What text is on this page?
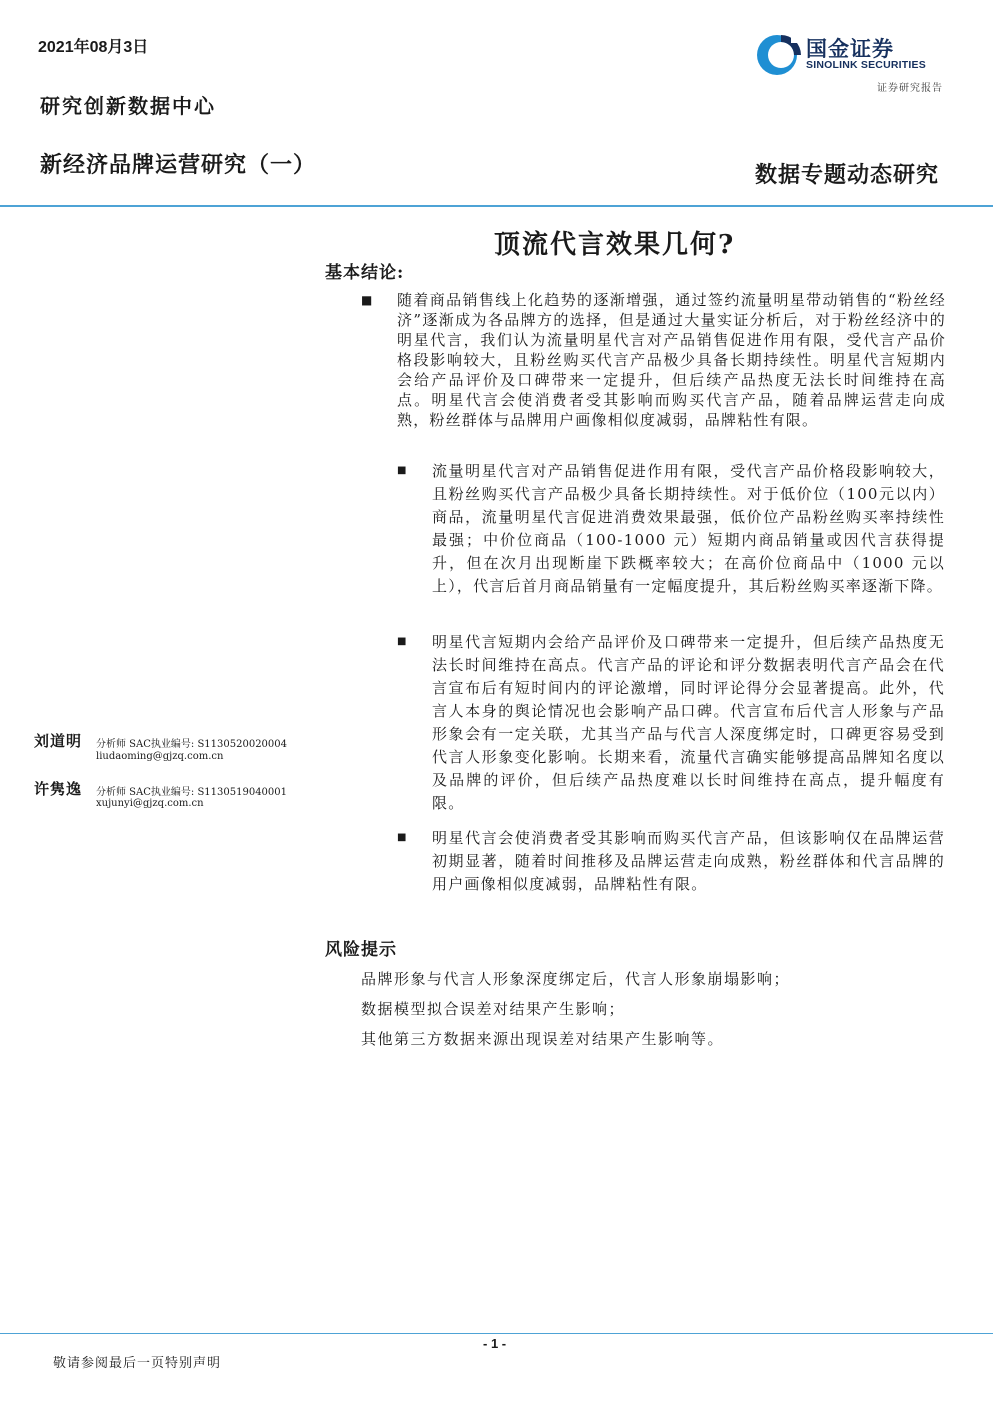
2021年08月3日
研究创新数据中心
新经济品牌运营研究（一）	数据专题动态研究
国金证券
SINOLINK SECURITIES
证券研究报告
顶流代言效果几何?
基本结论:
■ 随着商品销售线上化趋势的逐渐增强，通过签约流量明星带动销售的“粉丝经济”逐渐成为各品牌方的选择，但是通过大量实证分析后，对于粉丝经济中的明星代言，我们认为流量明星代言对产品销售促进作用有限，受代言产品价格段影响较大，且粉丝购买代言产品极少具备长期持续性。明星代言短期内会给产品评价及口碑带来一定提升，但后续产品热度无法长时间维持在高点。明星代言会使消费者受其影响而购买代言产品，随着品牌运营走向成熟，粉丝群体与品牌用户画像相似度减弱，品牌粘性有限。
■ 流量明星代言对产品销售促进作用有限，受代言产品价格段影响较大，且粉丝购买代言产品极少具备长期持续性。对于低价位（100元以内）商品，流量明星代言促进消费效果最强，低价位产品粉丝购买率持续性最强；中价位商品（100-1000 元）短期内商品销量或因代言获得提升，但在次月出现断崖下跌概率较大；在高价位商品中（1000 元以上），代言后首月商品销量有一定幅度提升，其后粉丝购买率逐渐下降。
■ 明星代言短期内会给产品评价及口碑带来一定提升，但后续产品热度无法长时间维持在高点。代言产品的评论和评分数据表明代言产品会在代言宣布后有短时间内的评论激增，同时评论得分会显著提高。此外，代言人本身的舆论情况也会影响产品口碑。代言宣布后代言人形象与产品形象会有一定关联，尤其当产品与代言人深度绑定时，口碑更容易受到代言人形象变化影响。长期来看，流量代言确实能够提高品牌知名度以及品牌的评价，但后续产品热度难以长时间维持在高点，提升幅度有限。
■ 明星代言会使消费者受其影响而购买代言产品，但该影响仅在品牌运营初期显著，随着时间推移及品牌运营走向成熟，粉丝群体和代言品牌的用户画像相似度减弱，品牌粘性有限。
风险提示
品牌形象与代言人形象深度绑定后，代言人形象崩塌影响；
数据模型拟合误差对结果产生影响；
其他第三方数据来源出现误差对结果产生影响等。
刘道明 分析师 SAC执业编号: S1130520020004
liudaoming@gjzq.com.cn
许隽逸 分析师 SAC执业编号: S1130519040001
xujunyi@gjzq.com.cn
- 1 -
敬请参阅最后一页特别声明
